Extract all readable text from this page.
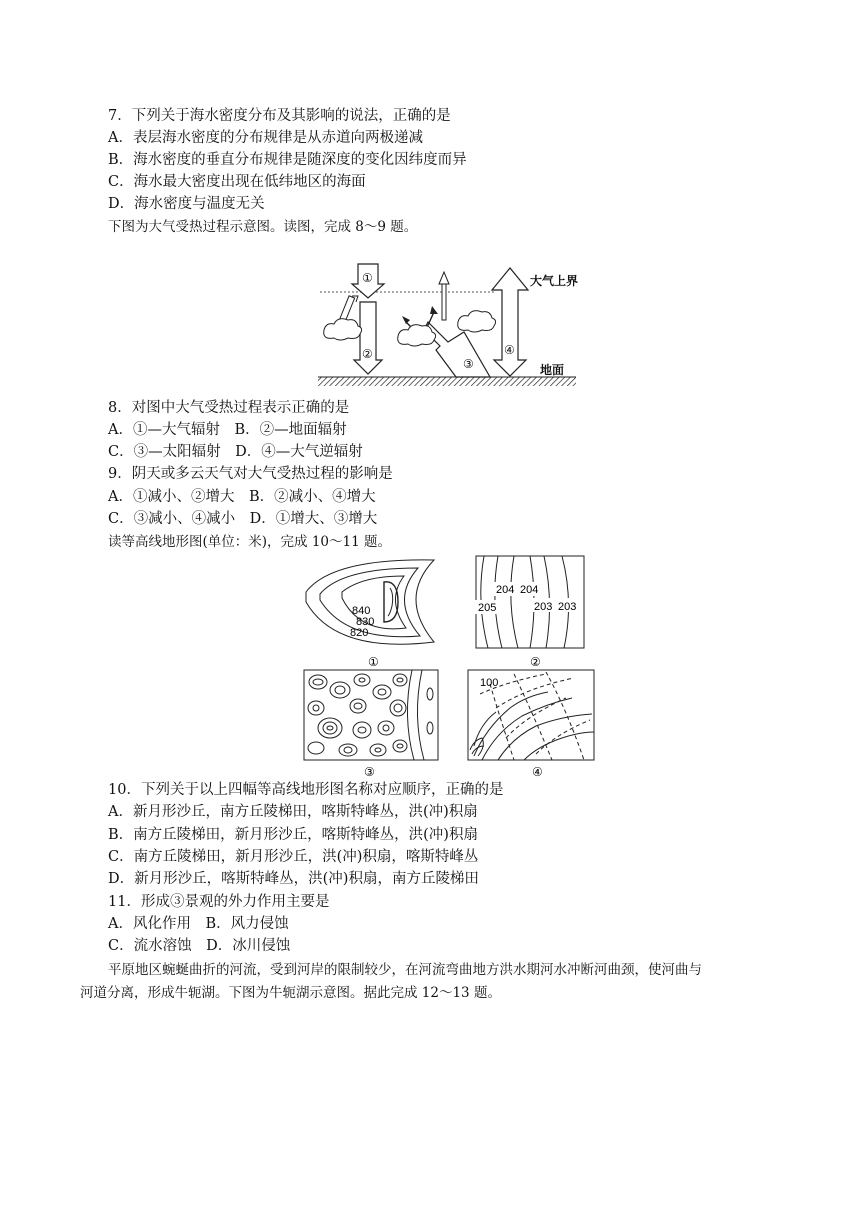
7．下列关于海水密度分布及其影响的说法，正确的是
A．表层海水密度的分布规律是从赤道向两极递减
B．海水密度的垂直分布规律是随深度的变化因纬度而异
C．海水最大密度出现在低纬地区的海面
D．海水密度与温度无关
下图为大气受热过程示意图。读图，完成 8～9 题。
大气上界
地面
①
②
③
④
8．对图中大气受热过程表示正确的是
A．①—大气辐射　B．②—地面辐射
C．③—太阳辐射　D．④—大气逆辐射
9．阴天或多云天气对大气受热过程的影响是
A．①减小、②增大　B．②减小、④增大
C．③减小、④减小　D．①增大、③增大
读等高线地形图(单位：米)，完成 10～11 题。
840
830
820
①
205
204 204
203 203
②
③
100
④
10．下列关于以上四幅等高线地形图名称对应顺序，正确的是
A．新月形沙丘，南方丘陵梯田，喀斯特峰丛，洪(冲)积扇
B．南方丘陵梯田，新月形沙丘，喀斯特峰丛，洪(冲)积扇
C．南方丘陵梯田，新月形沙丘，洪(冲)积扇，喀斯特峰丛
D．新月形沙丘，喀斯特峰丛，洪(冲)积扇，南方丘陵梯田
11．形成③景观的外力作用主要是
A．风化作用　B．风力侵蚀
C．流水溶蚀　D．冰川侵蚀
平原地区蜿蜒曲折的河流，受到河岸的限制较少，在河流弯曲地方洪水期河水冲断河曲颈，使河曲与
河道分离，形成牛轭湖。下图为牛轭湖示意图。据此完成 12～13 题。
